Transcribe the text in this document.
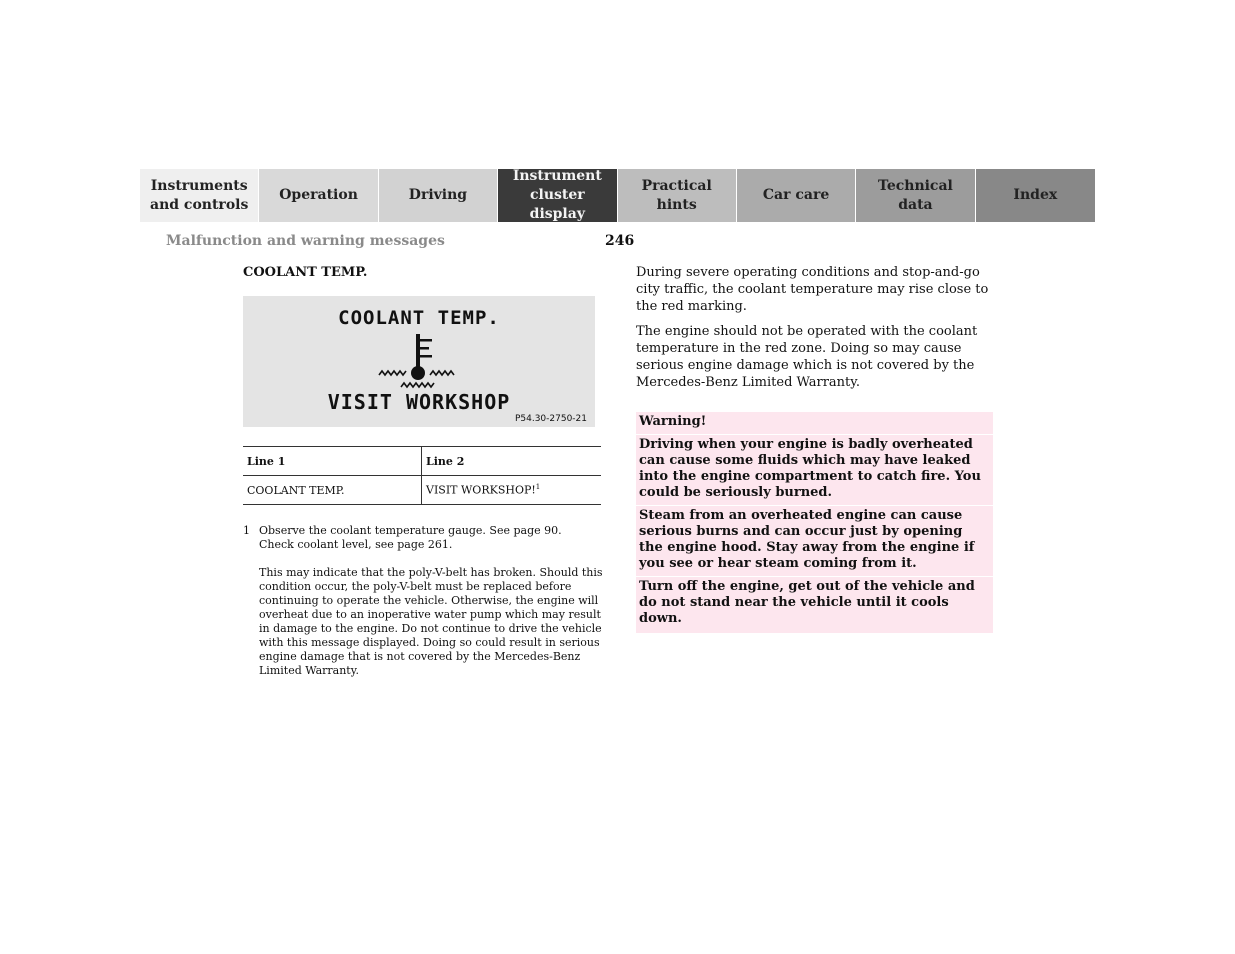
Instruments
and controls
Operation	Driving
Instrument
cluster display
Practical hints
Car care
Technical
data
Index
Malfunction and warning messages	246
COOLANT TEMP.
COOLANT TEMP.
VISIT WORKSHOP
P54.30-2750-21
Line 1	Line 2
COOLANT TEMP.	VISIT WORKSHOP!$^1$
1 Observe the coolant temperature gauge. See page 90.

Check coolant level, see page 261.

This may indicate that the poly-V-belt has broken. Should this condition occur, the poly-V-belt must be replaced before continuing to operate the vehicle. Otherwise, the engine will overheat due to an inoperative water pump which may result in damage to the engine. Do not continue to drive the vehicle with this message displayed. Doing so could result in serious engine damage that is not covered by the Mercedes-Benz Limited Warranty.

During severe operating conditions and stop-and-go city traffic, the coolant temperature may rise close to the red marking.

The engine should not be operated with the coolant temperature in the red zone. Doing so may cause serious engine damage which is not covered by the Mercedes-Benz Limited Warranty.

Warning!
Driving when your engine is badly overheated can cause some fluids which may have leaked into the engine compartment to catch fire. You could be seriously burned.
Steam from an overheated engine can cause serious burns and can occur just by opening the engine hood. Stay away from the engine if you see or hear steam coming from it.
Turn off the engine, get out of the vehicle and do not stand near the vehicle until it cools down.
